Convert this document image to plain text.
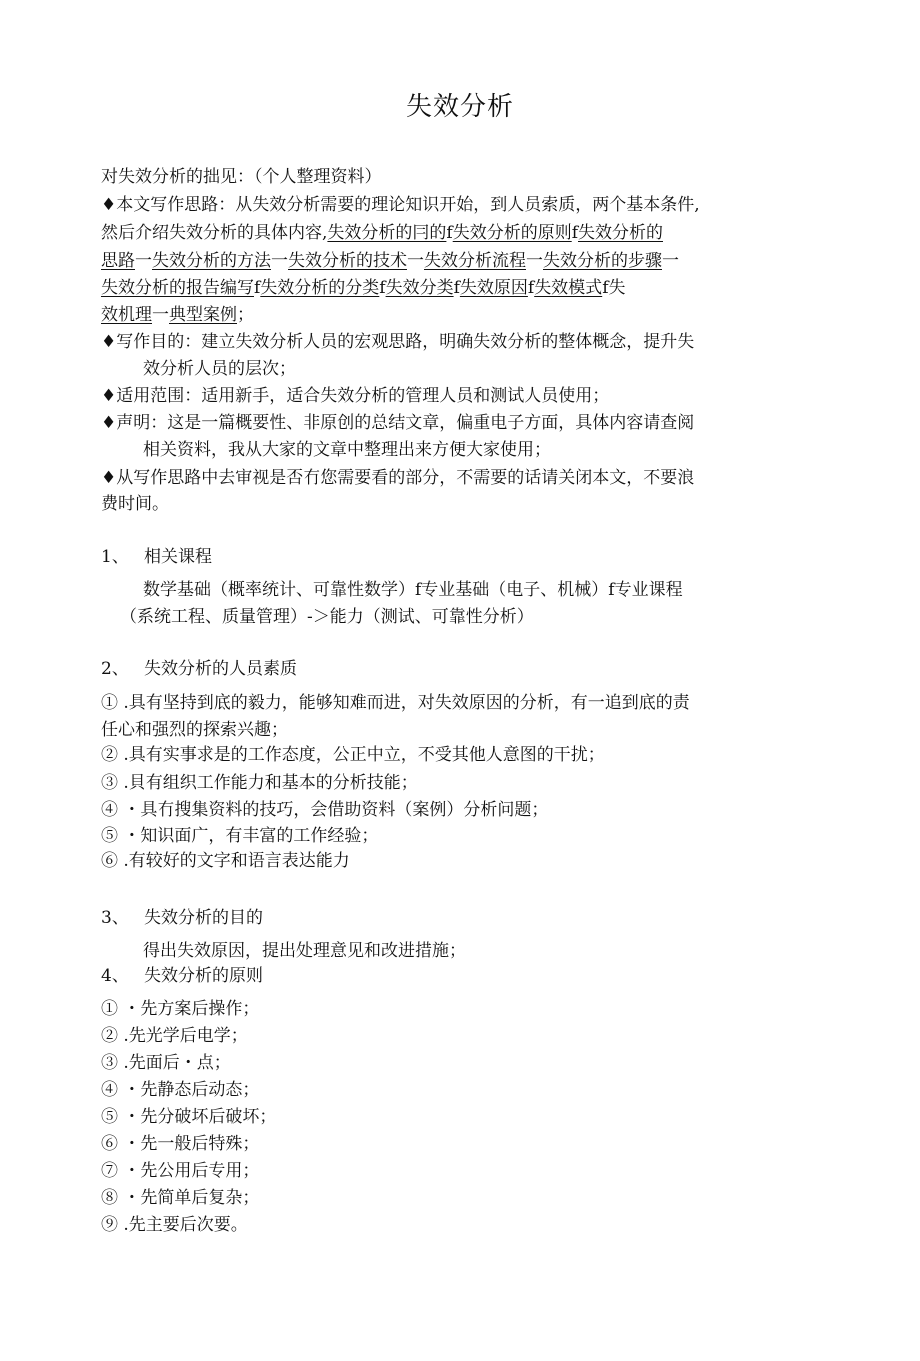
失效分析
对失效分析的拙见：（个人整理资料）
♦本文写作思路：从失效分析需要的理论知识开始，到人员索质，两个基本条件,
然后介绍失效分析的具体内容,失效分析的冃的f失效分析的原则f失效分析的
思路一失效分析的方法一失效分析的技术一失效分析流程一失效分析的步骤一
失效分析的报告编写f失效分析的分类f失效分类f失效原因f失效模式f失
效机理一典型案例；
♦写作目的：建立失效分析人员的宏观思路，明确失效分析的整体概念，提升失
效分析人员的层次；
♦适用范围：适用新手，适合失效分析的管理人员和测试人员使用；
♦声明：这是一篇概要性、非原创的总结文章，偏重电子方面，具体内容请查阅
相关资料，我从大家的文章中整理出来方便大家使用；
♦从写作思路中去审视是否冇您需要看的部分，不需要的话请关闭本文，不要浪
费时间。
1、 相关课程
数学基础（概率统计、可靠性数学）f专业基础（电子、机械）f专业课程
（系统工程、质量管理）-＞能力（测试、可靠性分析）
2、 失效分析的人员素质
① .具有坚持到底的毅力，能够知难而进，对失效原因的分析，有一追到底的责
任心和强烈的探索兴趣；
② .具有实事求是的工作态度，公正中立，不受其他人意图的干扰；
③ .貝有组织工作能力和基本的分析技能；
④ ・具冇搜集资料的技巧，会借助资料（案例）分析问题；
⑤ ・知识面广，有丰富的工作经验；
⑥ .有较好的文字和语言表达能力
3、 失效分析的目的
得出失效原因，提出处理意见和改进措施；
4、 失效分析的原则
① ・先方案后操作；
② .先光学后电学；
③ .先面后・点；
④ ・先静态后动态；
⑤ ・先分破坏后破坏；
⑥ ・先一般后特殊；
⑦ ・先公用后专用；
⑧ ・先简单后复杂；
⑨ .先主要后次要。
